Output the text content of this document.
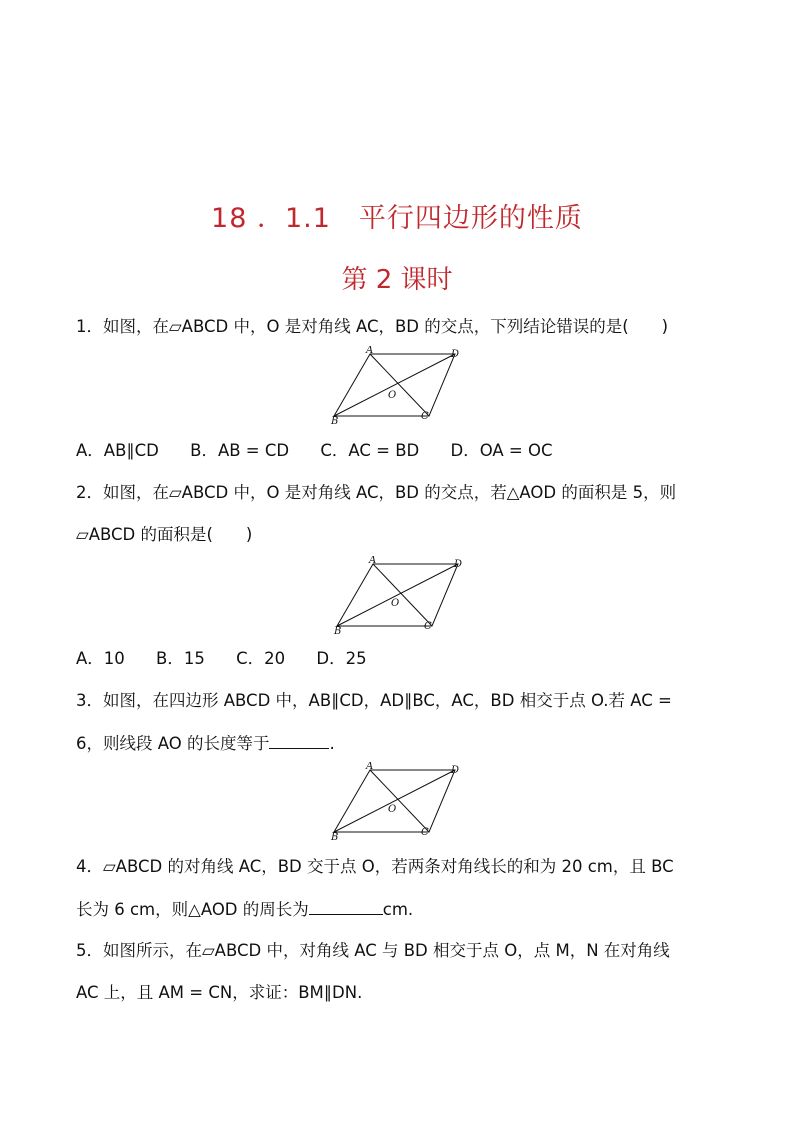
18 ．1.1　平行四边形的性质
第 2 课时
1．如图，在▱ABCD 中，O 是对角线 AC，BD 的交点，下列结论错误的是(　　)
A	D
B	C
O
A．AB∥CD B．AB = CD C．AC = BD D．OA = OC
2．如图，在▱ABCD 中，O 是对角线 AC，BD 的交点，若△AOD 的面积是 5，则
▱ABCD 的面积是(　　)
A	D
B	C
O
A．10 B．15 C．20 D．25
3．如图，在四边形 ABCD 中，AB∥CD，AD∥BC，AC，BD 相交于点 O.若 AC =
6，则线段 AO 的长度等于	.
A	D
B	C
O
4．▱ABCD 的对角线 AC，BD 交于点 O，若两条对角线长的和为 20 cm，且 BC
长为 6 cm，则△AOD 的周长为	cm.
5．如图所示，在▱ABCD 中，对角线 AC 与 BD 相交于点 O，点 M，N 在对角线
AC 上，且 AM = CN，求证：BM∥DN.
